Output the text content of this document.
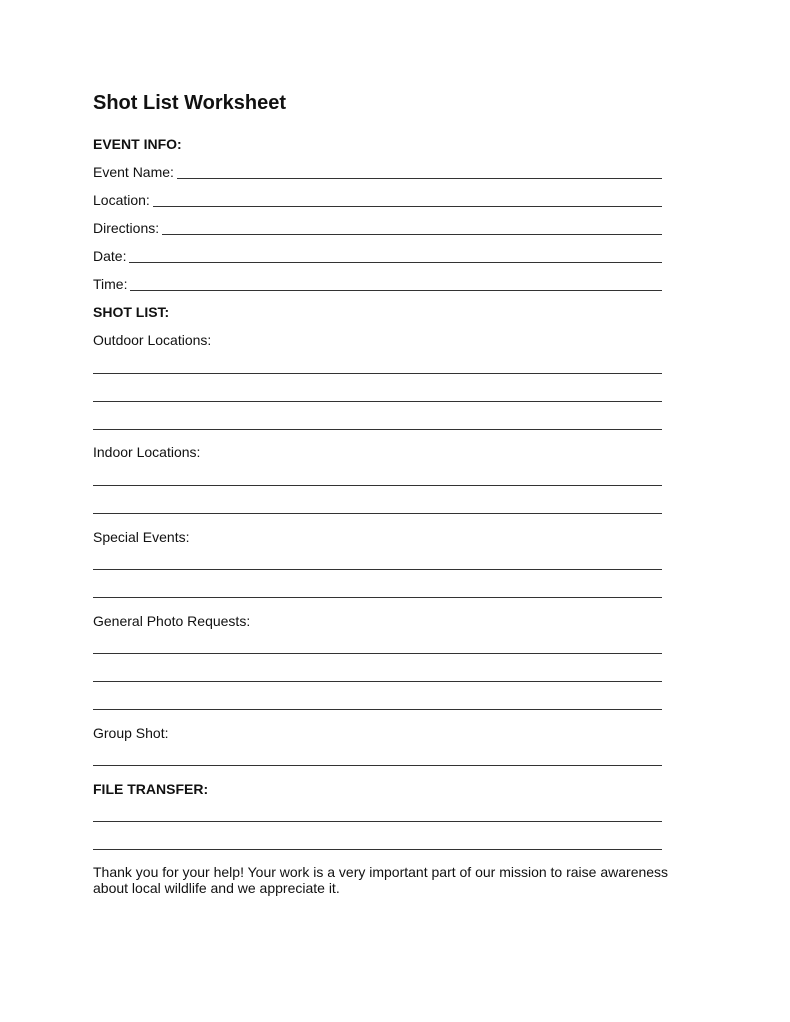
Shot List Worksheet
EVENT INFO:
Event Name:
Location:
Directions:
Date:
Time:
SHOT LIST:
Outdoor Locations:
Indoor Locations:
Special Events:
General Photo Requests:
Group Shot:
FILE TRANSFER:
Thank you for your help! Your work is a very important part of our mission to raise awareness about local wildlife and we appreciate it.
